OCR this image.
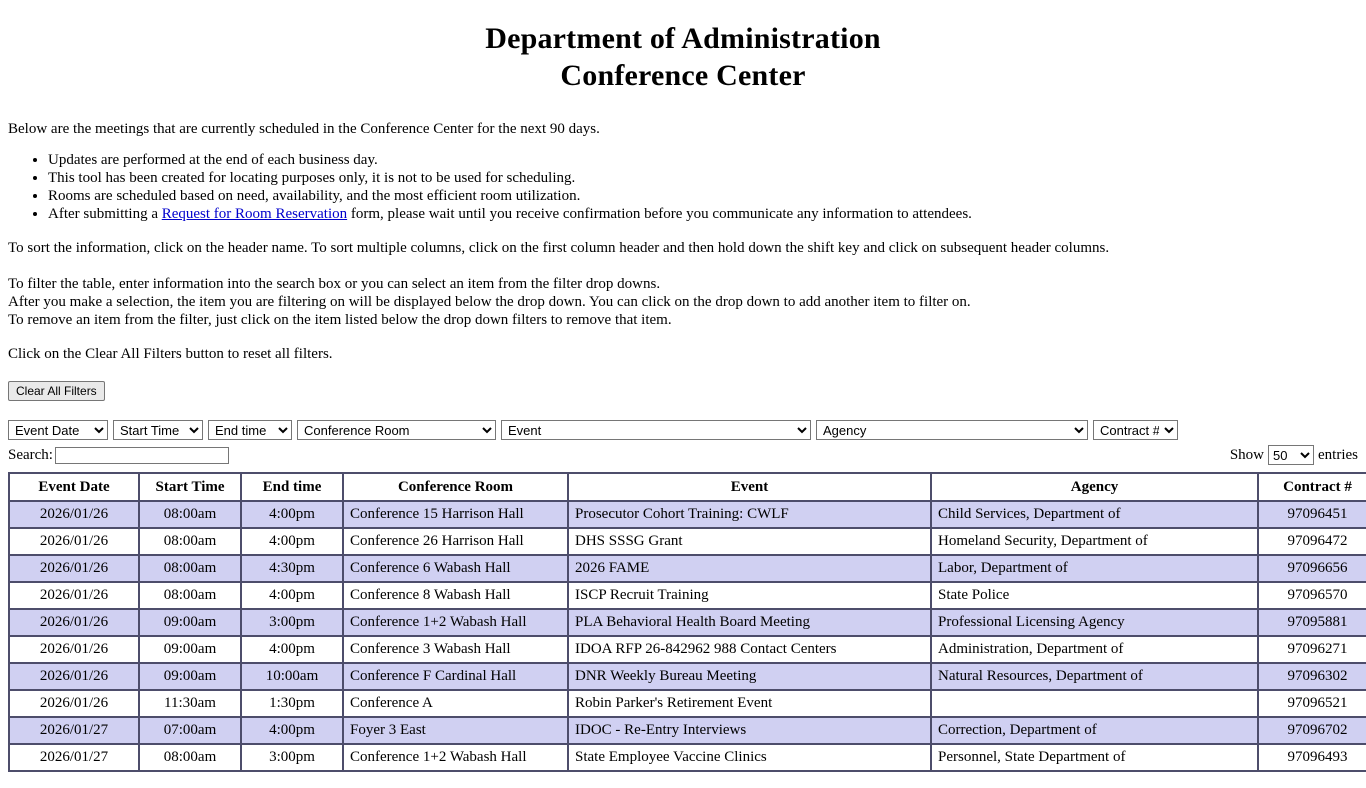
Department of Administration
Conference Center

Below are the meetings that are currently scheduled in the Conference Center for the next 90 days.

• Updates are performed at the end of each business day.
• This tool has been created for locating purposes only, it is not to be used for scheduling.
• Rooms are scheduled based on need, availability, and the most efficient room utilization.
• After submitting a Request for Room Reservation form, please wait until you receive confirmation before you communicate any information to attendees.

To sort the information, click on the header name. To sort multiple columns, click on the first column header and then hold down the shift key and click on subsequent header columns.

To filter the table, enter information into the search box or you can select an item from the filter drop downs.
After you make a selection, the item you are filtering on will be displayed below the drop down. You can click on the drop down to add another item to filter on.
To remove an item from the filter, just click on the item listed below the drop down filters to remove that item.

Click on the Clear All Filters button to reset all filters.

Clear All Filters
Event Date
Start Time
End time
Conference Room
Event
Agency
Contract #
Search:	Show
50	entries
Event Date	Start Time	End time	Conference Room	Event	Agency	Contract #
2026/01/26	08:00am	4:00pm	Conference 15 Harrison Hall	Prosecutor Cohort Training: CWLF	Child Services, Department of	97096451
2026/01/26	08:00am	4:00pm	Conference 26 Harrison Hall	DHS SSSG Grant	Homeland Security, Department of	97096472
2026/01/26	08:00am	4:30pm	Conference 6 Wabash Hall	2026 FAME	Labor, Department of	97096656
2026/01/26	08:00am	4:00pm	Conference 8 Wabash Hall	ISCP Recruit Training	State Police	97096570
2026/01/26	09:00am	3:00pm	Conference 1+2 Wabash Hall	PLA Behavioral Health Board Meeting	Professional Licensing Agency	97095881
2026/01/26	09:00am	4:00pm	Conference 3 Wabash Hall	IDOA RFP 26-842962 988 Contact Centers	Administration, Department of	97096271
2026/01/26	09:00am	10:00am	Conference F Cardinal Hall	DNR Weekly Bureau Meeting	Natural Resources, Department of	97096302
2026/01/26	11:30am	1:30pm	Conference A	Robin Parker's Retirement Event		97096521
2026/01/27	07:00am	4:00pm	Foyer 3 East	IDOC - Re-Entry Interviews	Correction, Department of	97096702
2026/01/27	08:00am	3:00pm	Conference 1+2 Wabash Hall	State Employee Vaccine Clinics	Personnel, State Department of	97096493
